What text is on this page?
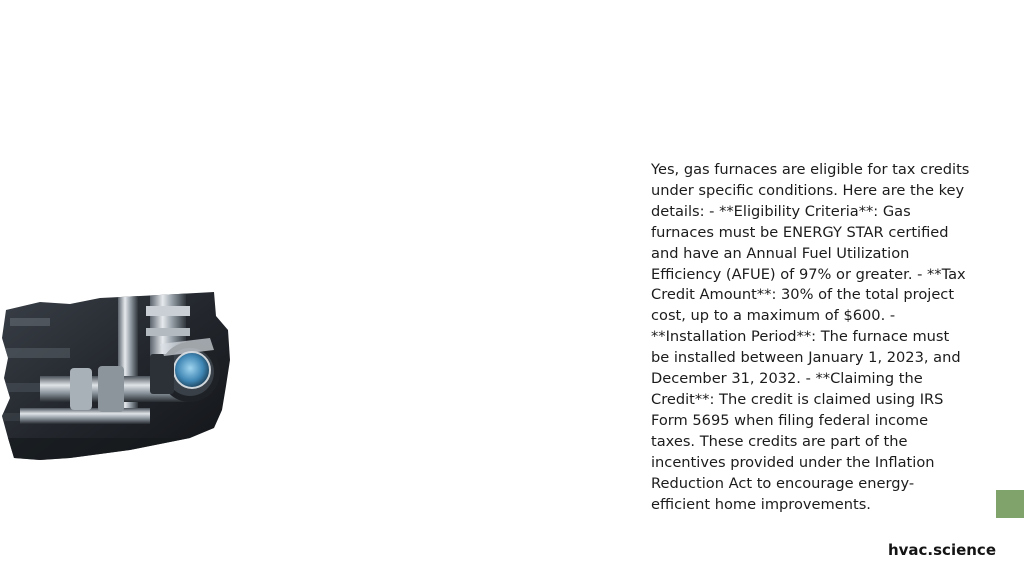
Yes, gas furnaces are eligible for tax credits under specific conditions. Here are the key details: - **Eligibility Criteria**: Gas furnaces must be ENERGY STAR certified and have an Annual Fuel Utilization Efficiency (AFUE) of 97% or greater. - **Tax Credit Amount**: 30% of the total project cost, up to a maximum of $600. - **Installation Period**: The furnace must be installed between January 1, 2023, and December 31, 2032. - **Claiming the Credit**: The credit is claimed using IRS Form 5695 when filing federal income taxes. These credits are part of the incentives provided under the Inflation Reduction Act to encourage energy-efficient home improvements.

hvac.science
